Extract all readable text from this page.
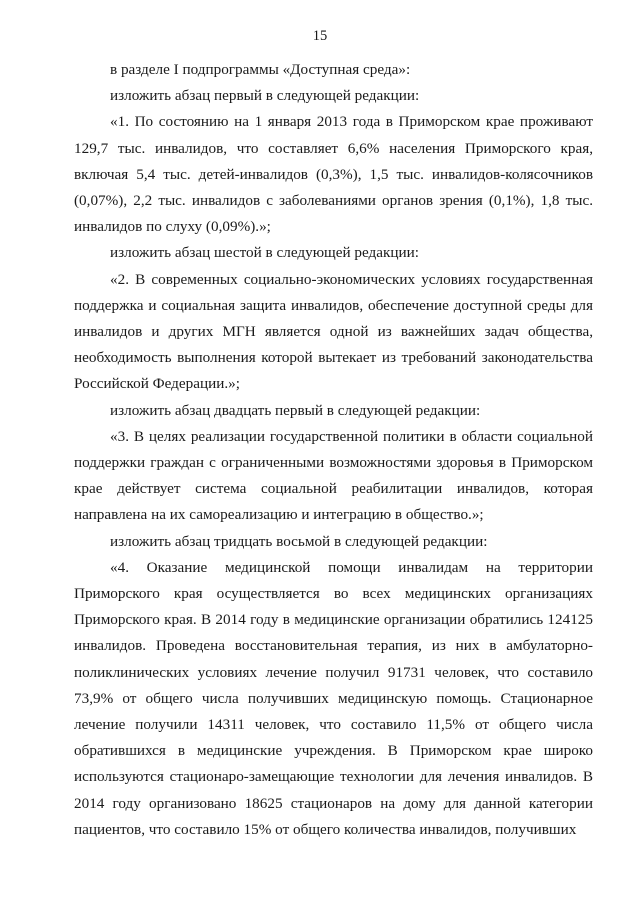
15

в разделе I подпрограммы «Доступная среда»:

изложить абзац первый в следующей редакции:

«1. По состоянию на 1 января 2013 года в Приморском крае проживают 129,7 тыс. инвалидов, что составляет 6,6% населения Приморского края, включая 5,4 тыс. детей-инвалидов (0,3%), 1,5 тыс. инвалидов-колясочников (0,07%), 2,2 тыс. инвалидов с заболеваниями органов зрения (0,1%), 1,8 тыс. инвалидов по слуху (0,09%).»;

изложить абзац шестой в следующей редакции:

«2. В современных социально-экономических условиях государственная поддержка и социальная защита инвалидов, обеспечение доступной среды для инвалидов и других МГН является одной из важнейших задач общества, необходимость выполнения которой вытекает из требований законодательства Российской Федерации.»;

изложить абзац двадцать первый в следующей редакции:

«3. В целях реализации государственной политики в области социальной поддержки граждан с ограниченными возможностями здоровья в Приморском крае действует система социальной реабилитации инвалидов, которая направлена на их самореализацию и интеграцию в общество.»;

изложить абзац тридцать восьмой в следующей редакции:

«4. Оказание медицинской помощи инвалидам на территории Приморского края осуществляется во всех медицинских организациях Приморского края. В 2014 году в медицинские организации обратились 124125 инвалидов. Проведена восстановительная терапия, из них в амбулаторно-поликлинических условиях лечение получил 91731 человек, что составило 73,9% от общего числа получивших медицинскую помощь. Стационарное лечение получили 14311 человек, что составило 11,5% от общего числа обратившихся в медицинские учреждения. В Приморском крае широко используются стационаро-замещающие технологии для лечения инвалидов. В 2014 году организовано 18625 стационаров на дому для данной категории пациентов, что составило 15% от общего количества инвалидов, получивших
